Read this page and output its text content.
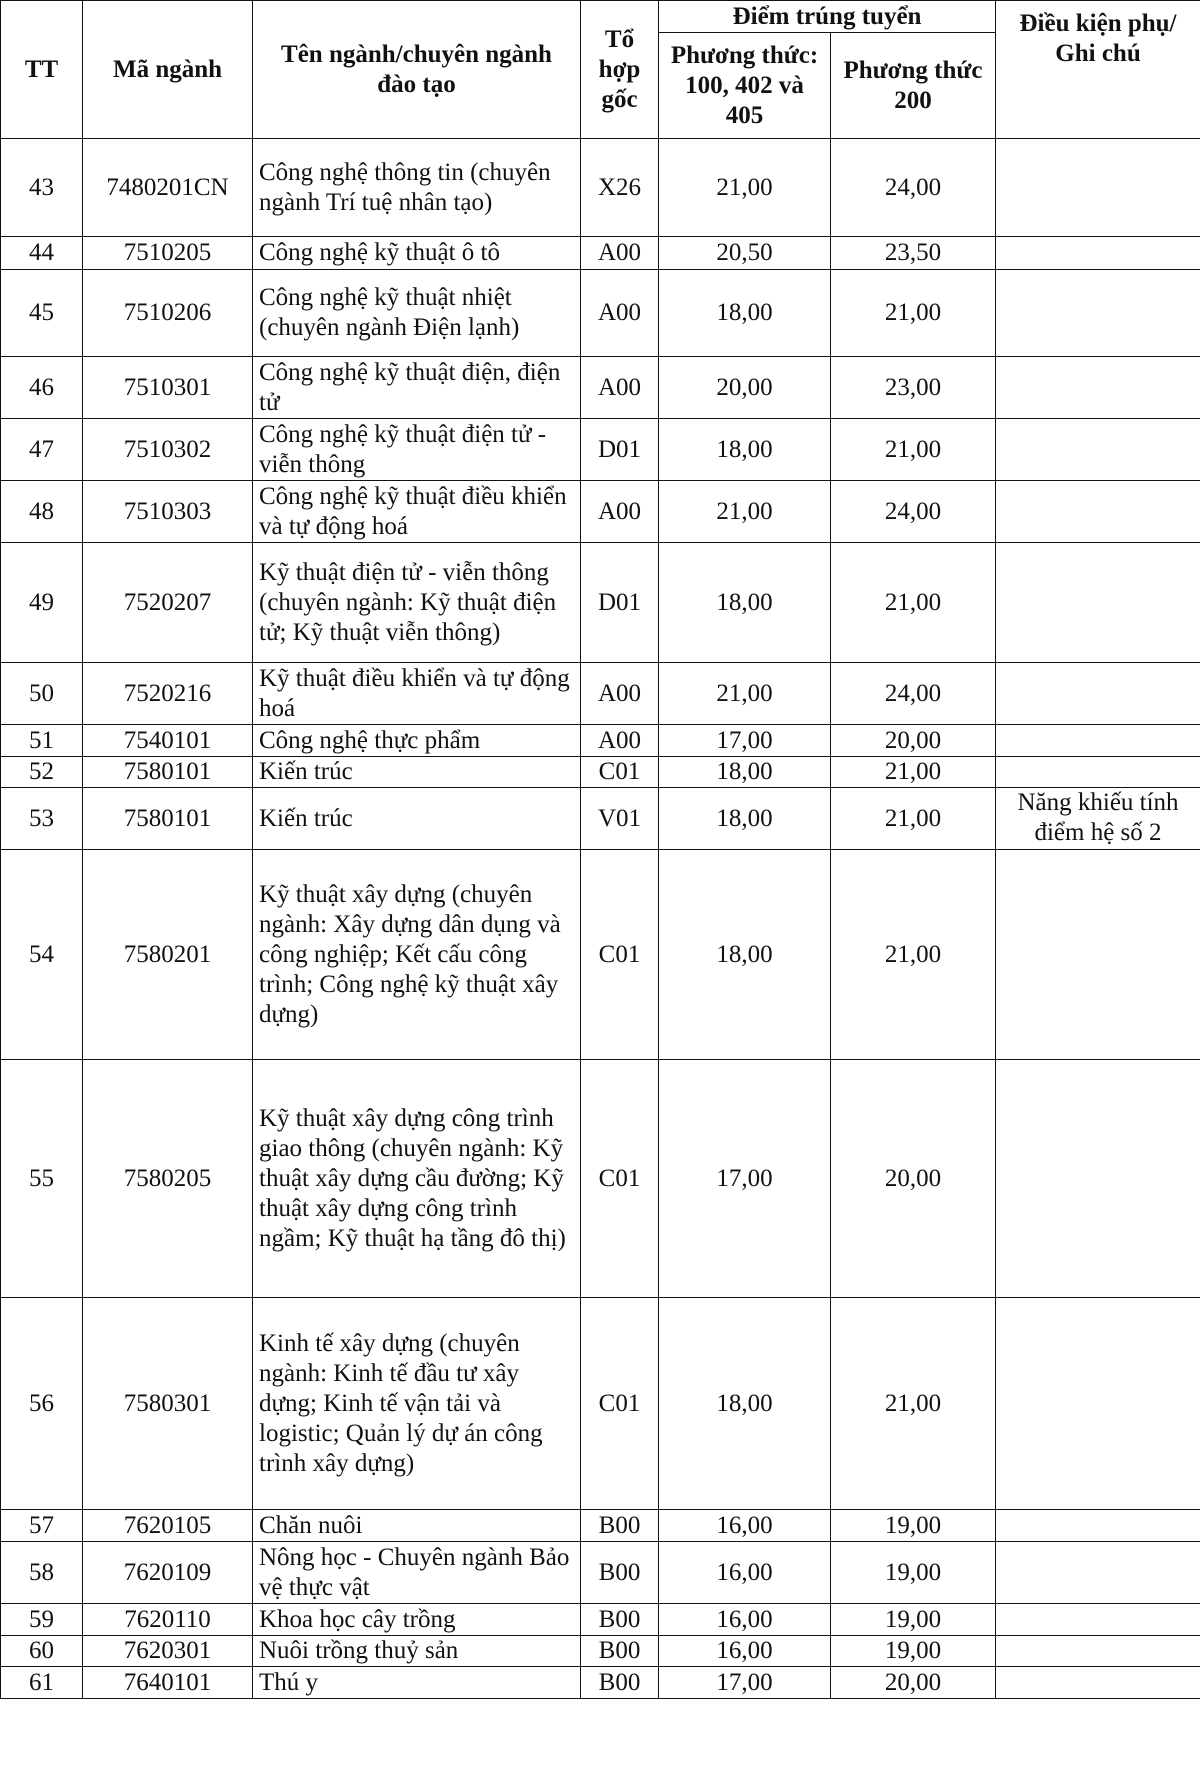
TT	Mã ngành	Tên ngành/chuyên ngành đào tạo	Tổ hợp gốc	Điểm trúng tuyển		Điều kiện phụ/ Ghi chú
				Phương thức: 100, 402 và 405	Phương thức 200	
43	7480201CN	Công nghệ thông tin (chuyên ngành Trí tuệ nhân tạo)	X26	21,00	24,00	
44	7510205	Công nghệ kỹ thuật ô tô	A00	20,50	23,50	
45	7510206	Công nghệ kỹ thuật nhiệt (chuyên ngành Điện lạnh)	A00	18,00	21,00	
46	7510301	Công nghệ kỹ thuật điện, điện tử	A00	20,00	23,00	
47	7510302	Công nghệ kỹ thuật điện tử - viễn thông	D01	18,00	21,00	
48	7510303	Công nghệ kỹ thuật điều khiển và tự động hoá	A00	21,00	24,00	
49	7520207	Kỹ thuật điện tử - viễn thông (chuyên ngành: Kỹ thuật điện tử; Kỹ thuật viễn thông)	D01	18,00	21,00	
50	7520216	Kỹ thuật điều khiển và tự động hoá	A00	21,00	24,00	
51	7540101	Công nghệ thực phẩm	A00	17,00	20,00	
52	7580101	Kiến trúc	C01	18,00	21,00	
53	7580101	Kiến trúc	V01	18,00	21,00	Năng khiếu tính điểm hệ số 2
54	7580201	Kỹ thuật xây dựng (chuyên ngành: Xây dựng dân dụng và công nghiệp; Kết cấu công trình; Công nghệ kỹ thuật xây dựng)	C01	18,00	21,00	
55	7580205	Kỹ thuật xây dựng công trình giao thông (chuyên ngành: Kỹ thuật xây dựng cầu đường; Kỹ thuật xây dựng công trình ngầm; Kỹ thuật hạ tầng đô thị)	C01	17,00	20,00	
56	7580301	Kinh tế xây dựng (chuyên ngành: Kinh tế đầu tư xây dựng; Kinh tế vận tải và logistic; Quản lý dự án công trình xây dựng)	C01	18,00	21,00	
57	7620105	Chăn nuôi	B00	16,00	19,00	
58	7620109	Nông học - Chuyên ngành Bảo vệ thực vật	B00	16,00	19,00	
59	7620110	Khoa học cây trồng	B00	16,00	19,00	
60	7620301	Nuôi trồng thuỷ sản	B00	16,00	19,00	
61	7640101	Thú y	B00	17,00	20,00	
